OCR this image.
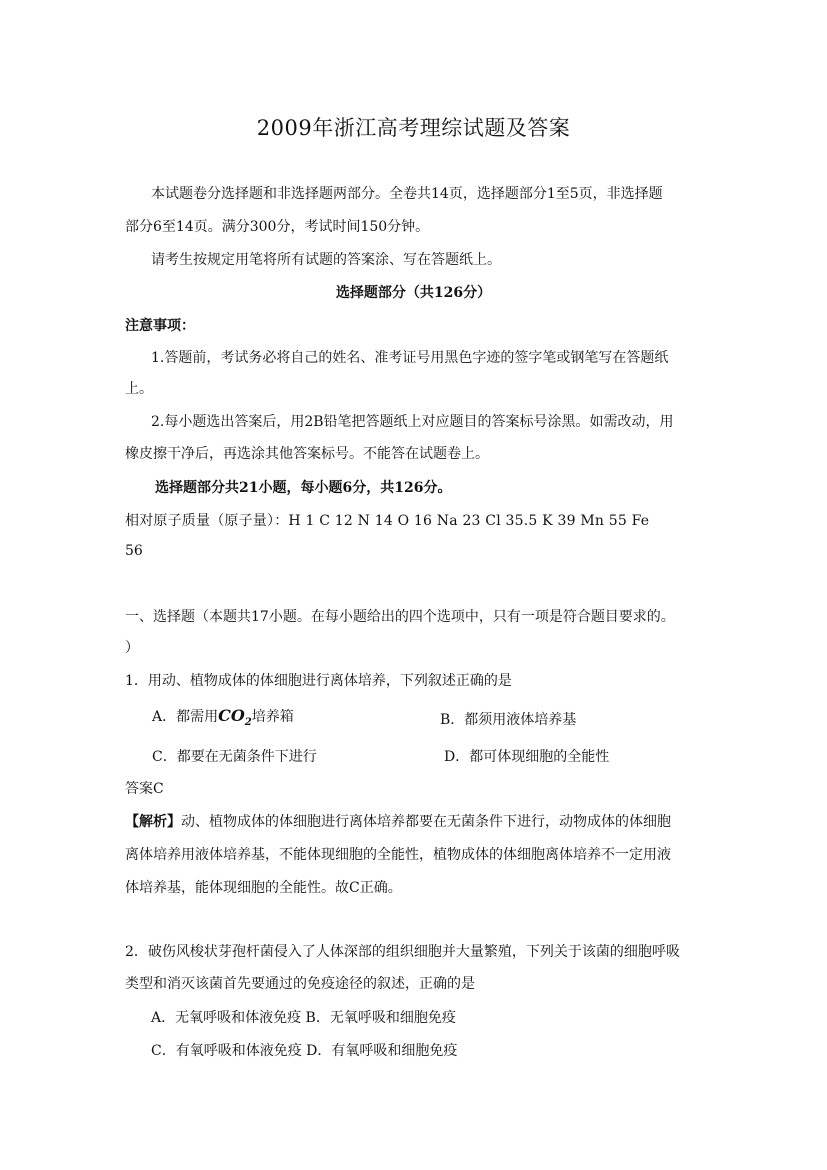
2009年浙江高考理综试题及答案
本试题卷分选择题和非选择题两部分。全卷共14页，选择题部分1至5页，非选择题
部分6至14页。满分300分，考试时间150分钟。
请考生按规定用笔将所有试题的答案涂、写在答题纸上。
选择题部分（共126分）
注意事项：
1.答题前，考试务必将自己的姓名、准考证号用黑色字迹的签字笔或钢笔写在答题纸
上。
2.每小题选出答案后，用2B铅笔把答题纸上对应题目的答案标号涂黑。如需改动，用
橡皮擦干净后，再选涂其他答案标号。不能答在试题卷上。
选择题部分共21小题，每小题6分，共126分。
相对原子质量（原子量）：H 1 C 12 N 14 O 16 Na 23 Cl 35.5 K 39 Mn 55 Fe
56
一、选择题（本题共17小题。在每小题给出的四个选项中，只有一项是符合题目要求的。
）
1．用动、植物成体的体细胞进行离体培养，下列叙述正确的是
A．都需用$CO_2$培养箱	B．都须用液体培养基
C．都要在无菌条件下进行	D．都可体现细胞的全能性
答案C
【解析】动、植物成体的体细胞进行离体培养都要在无菌条件下进行，动物成体的体细胞
离体培养用液体培养基，不能体现细胞的全能性，植物成体的体细胞离体培养不一定用液
体培养基，能体现细胞的全能性。故C正确。
2．破伤风梭状芽孢杆菌侵入了人体深部的组织细胞并大量繁殖，下列关于该菌的细胞呼吸
类型和消灭该菌首先要通过的免疫途径的叙述，正确的是
A．无氧呼吸和体液免疫 B．无氧呼吸和细胞免疫
C．有氧呼吸和体液免疫 D．有氧呼吸和细胞免疫
